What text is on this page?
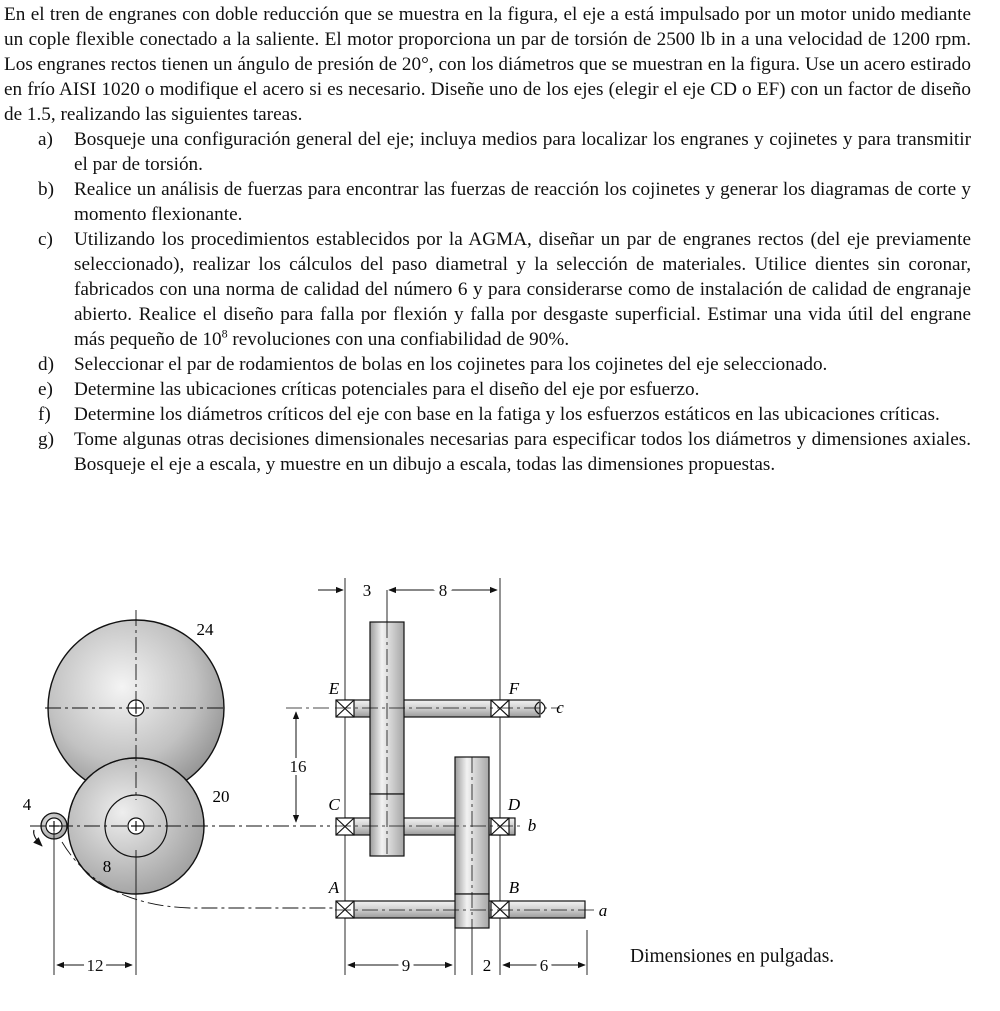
En el tren de engranes con doble reducción que se muestra en la figura, el eje a está impulsado por un motor unido mediante un cople flexible conectado a la saliente. El motor proporciona un par de torsión de 2500 lb in a una velocidad de 1200 rpm. Los engranes rectos tienen un ángulo de presión de 20°, con los diámetros que se muestran en la figura. Use un acero estirado en frío AISI 1020 o modifique el acero si es necesario. Diseñe uno de los ejes (elegir el eje CD o EF) con un factor de diseño de 1.5, realizando las siguientes tareas.

a) Bosqueje una configuración general del eje; incluya medios para localizar los engranes y cojinetes y para transmitir el par de torsión.
b) Realice un análisis de fuerzas para encontrar las fuerzas de reacción los cojinetes y generar los diagramas de corte y momento flexionante.
c) Utilizando los procedimientos establecidos por la AGMA, diseñar un par de engranes rectos (del eje previamente seleccionado), realizar los cálculos del paso diametral y la selección de materiales. Utilice dientes sin coronar, fabricados con una norma de calidad del número 6 y para considerarse como de instalación de calidad de engranaje abierto. Realice el diseño para falla por flexión y falla por desgaste superficial. Estimar una vida útil del engrane más pequeño de $10^8$ revoluciones con una confiabilidad de 90%.
d) Seleccionar el par de rodamientos de bolas en los cojinetes para los cojinetes del eje seleccionado.
e) Determine las ubicaciones críticas potenciales para el diseño del eje por esfuerzo.
f) Determine los diámetros críticos del eje con base en la fatiga y los esfuerzos estáticos en las ubicaciones críticas.
g) Tome algunas otras decisiones dimensionales necesarias para especificar todos los diámetros y dimensiones axiales. Bosqueje el eje a escala, y muestre en un dibujo a escala, todas las dimensiones propuestas.
24
20
8
4
16
12
E	F
C	D
A	B
c
b
a
3	8
9	2	6	Dimensiones en pulgadas.
